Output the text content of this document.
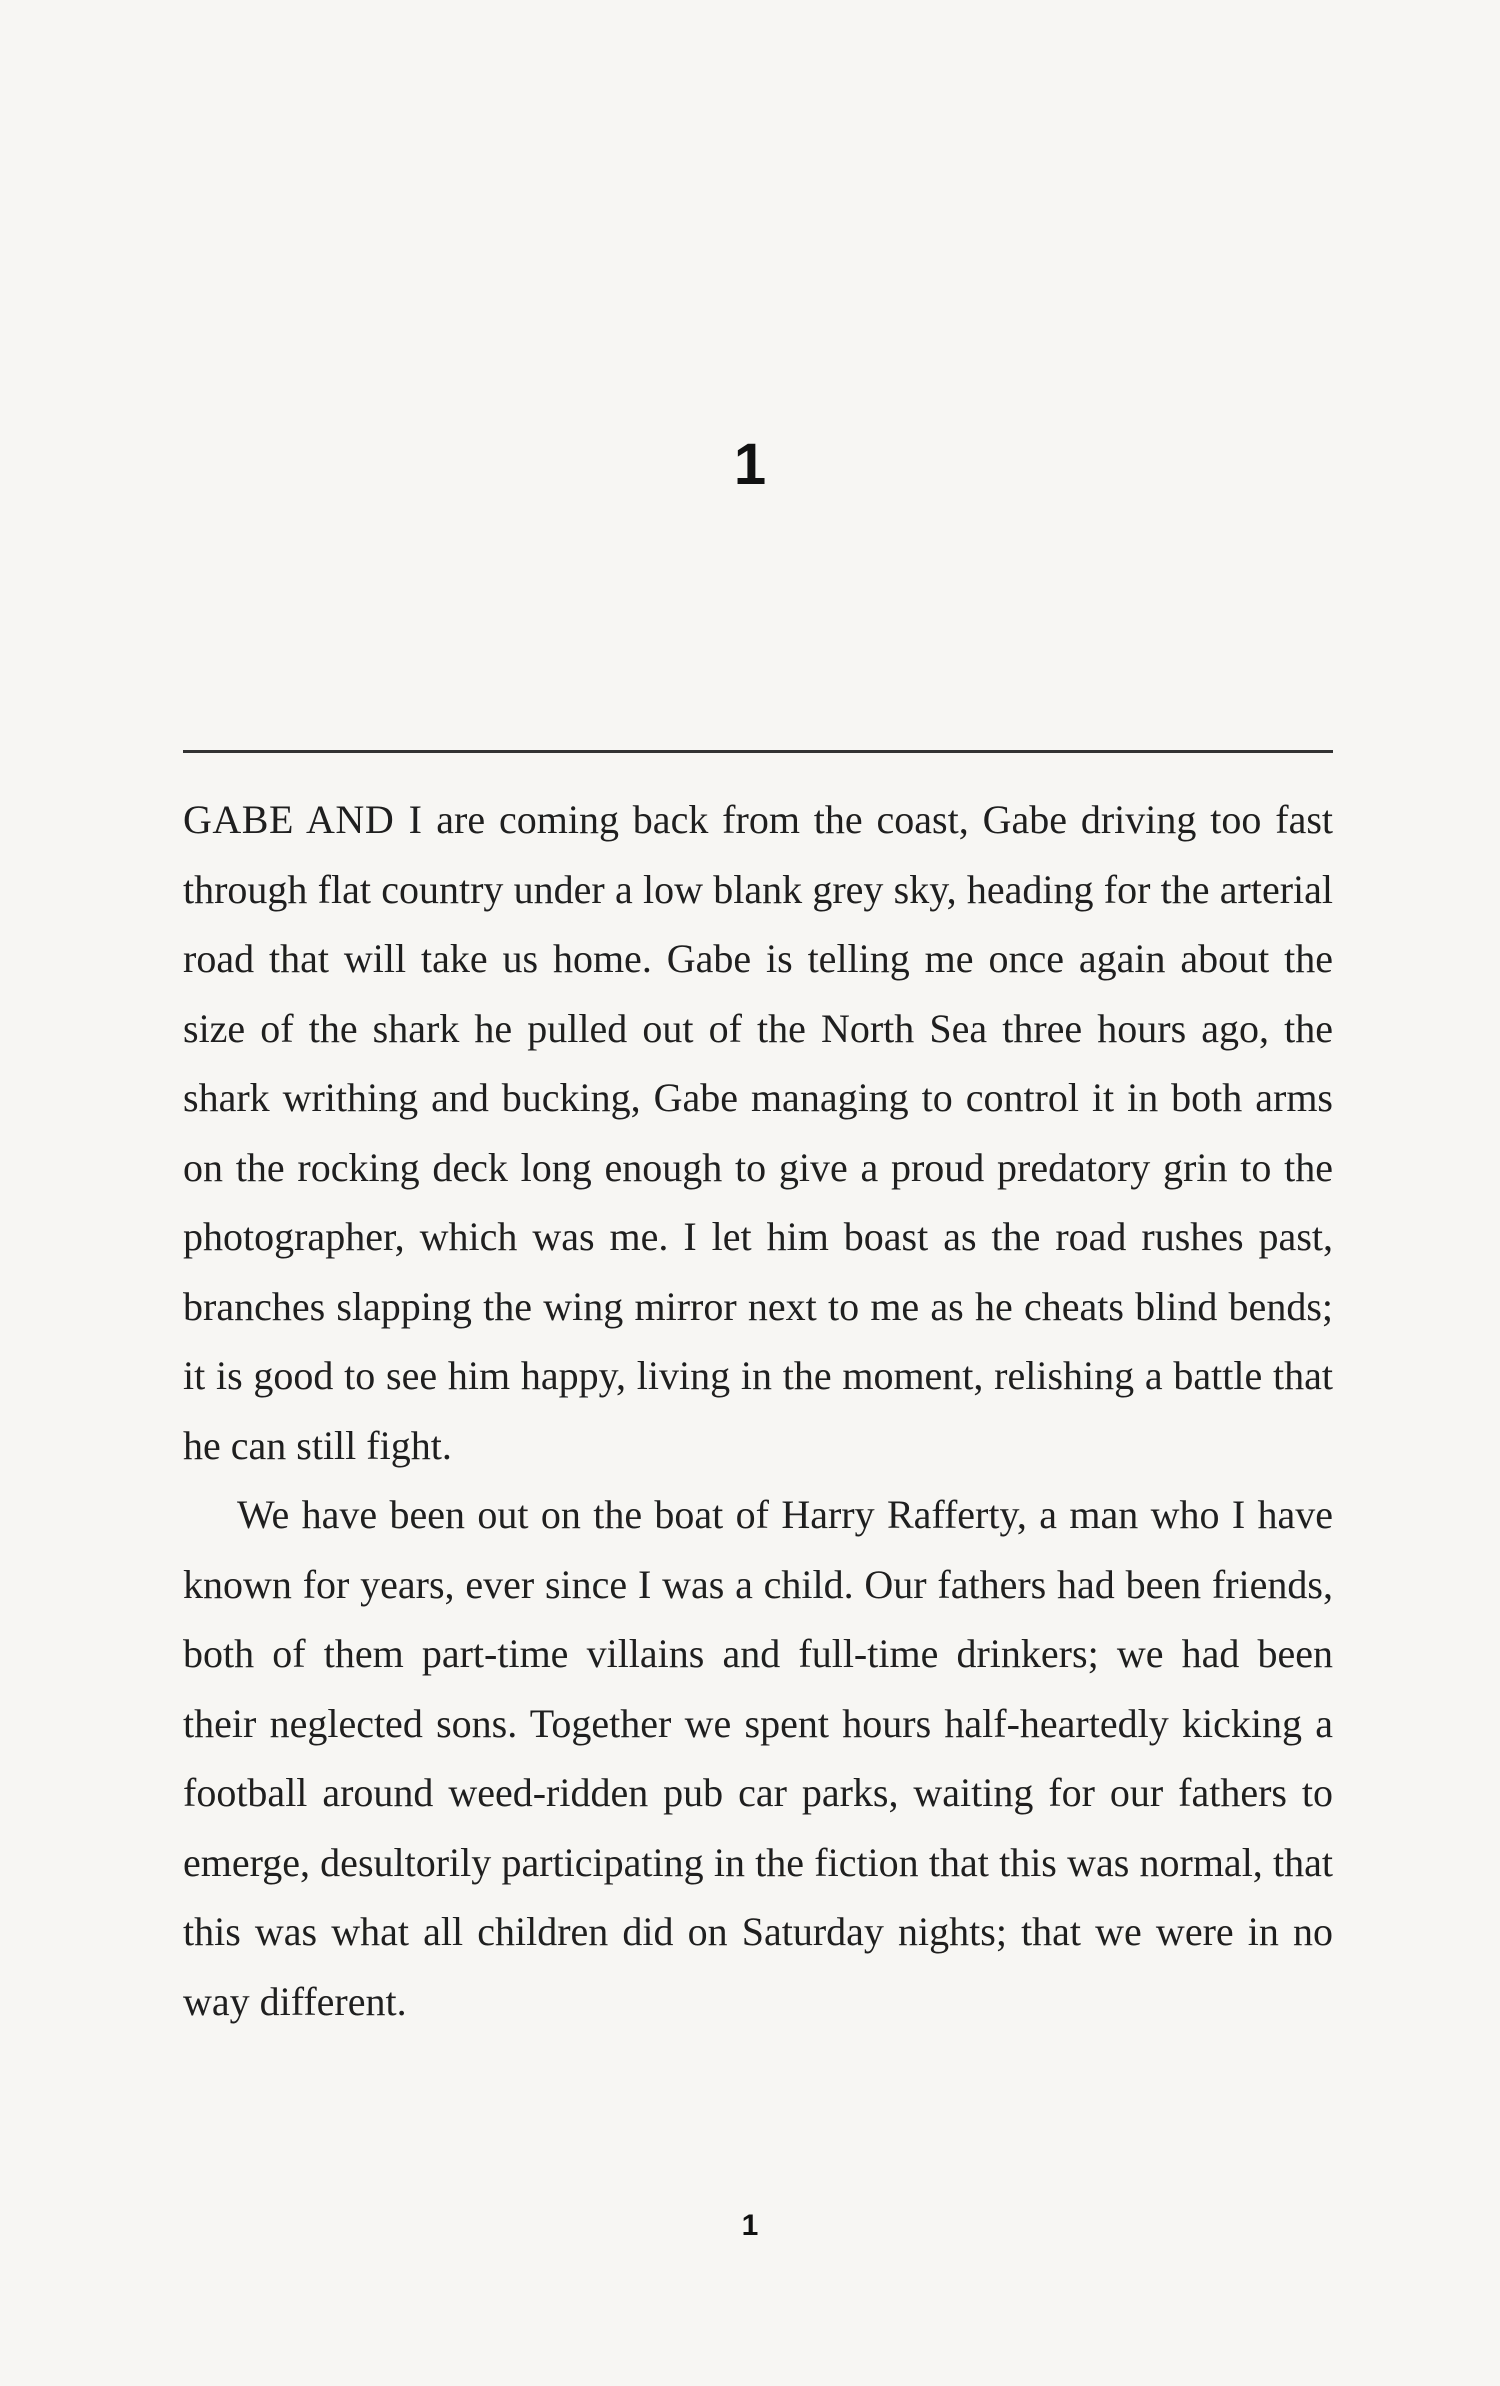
1

GABE AND I are coming back from the coast, Gabe driving too fast through flat country under a low blank grey sky, heading for the arterial road that will take us home. Gabe is telling me once again about the size of the shark he pulled out of the North Sea three hours ago, the shark writhing and bucking, Gabe managing to control it in both arms on the rocking deck long enough to give a proud predatory grin to the photographer, which was me. I let him boast as the road rushes past, branches slapping the wing mirror next to me as he cheats blind bends; it is good to see him happy, living in the moment, relishing a battle that he can still fight.

We have been out on the boat of Harry Rafferty, a man who I have known for years, ever since I was a child. Our fathers had been friends, both of them part-time villains and full-time drinkers; we had been their neglected sons. Together we spent hours half-heartedly kicking a football around weed-ridden pub car parks, waiting for our fathers to emerge, desultorily participating in the fiction that this was normal, that this was what all children did on Saturday nights; that we were in no way different.

1
